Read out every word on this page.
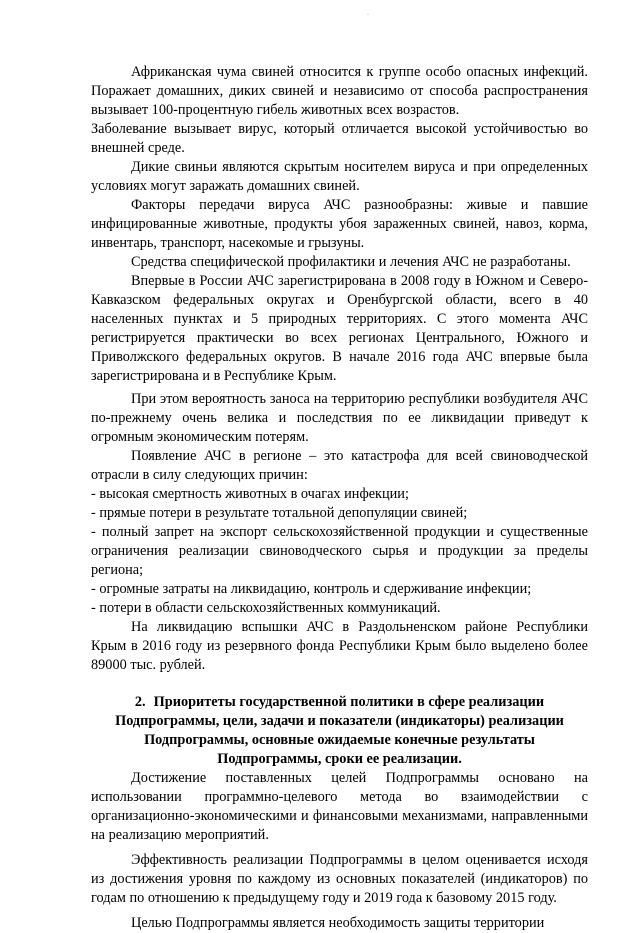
·

Африканская чума свиней относится к группе особо опасных инфекций. Поражает домашних, диких свиней и независимо от способа распространения вызывает 100-процентную гибель животных всех возрастов.

Заболевание вызывает вирус, который отличается высокой устойчивостью во внешней среде.

Дикие свиньи являются скрытым носителем вируса и при определенных условиях могут заражать домашних свиней.

Факторы передачи вируса АЧС разнообразны: живые и павшие инфицированные животные, продукты убоя зараженных свиней, навоз, корма, инвентарь, транспорт, насекомые и грызуны.

Средства специфической профилактики и лечения АЧС не разработаны.

Впервые в России АЧС зарегистрирована в 2008 году в Южном и Северо-Кавказском федеральных округах и Оренбургской области, всего в 40 населенных пунктах и 5 природных территориях. С этого момента АЧС регистрируется практически во всех регионах Центрального, Южного и Приволжского федеральных округов. В начале 2016 года АЧС впервые была зарегистрирована и в Республике Крым.

При этом вероятность заноса на территорию республики возбудителя АЧС по-прежнему очень велика и последствия по ее ликвидации приведут к огромным экономическим потерям.

Появление АЧС в регионе – это катастрофа для всей свиноводческой отрасли в силу следующих причин:

- высокая смертность животных в очагах инфекции;
- прямые потери в результате тотальной депопуляции свиней;
- полный запрет на экспорт сельскохозяйственной продукции и существенные ограничения реализации свиноводческого сырья и продукции за пределы региона;
- огромные затраты на ликвидацию, контроль и сдерживание инфекции;
- потери в области сельскохозяйственных коммуникаций.

На ликвидацию вспышки АЧС в Раздольненском районе Республики Крым в 2016 году из резервного фонда Республики Крым было выделено более 89000 тыс. рублей.

2. Приоритеты государственной политики в сфере реализации Подпрограммы, цели, задачи и показатели (индикаторы) реализации Подпрограммы, основные ожидаемые конечные результаты Подпрограммы, сроки ее реализации.

Достижение поставленных целей Подпрограммы основано на использовании программно-целевого метода во взаимодействии с организационно-экономическими и финансовыми механизмами, направленными на реализацию мероприятий.

Эффективность реализации Подпрограммы в целом оценивается исходя из достижения уровня по каждому из основных показателей (индикаторов) по годам по отношению к предыдущему году и 2019 года к базовому 2015 году.

Целью Подпрограммы является необходимость защиты территории
